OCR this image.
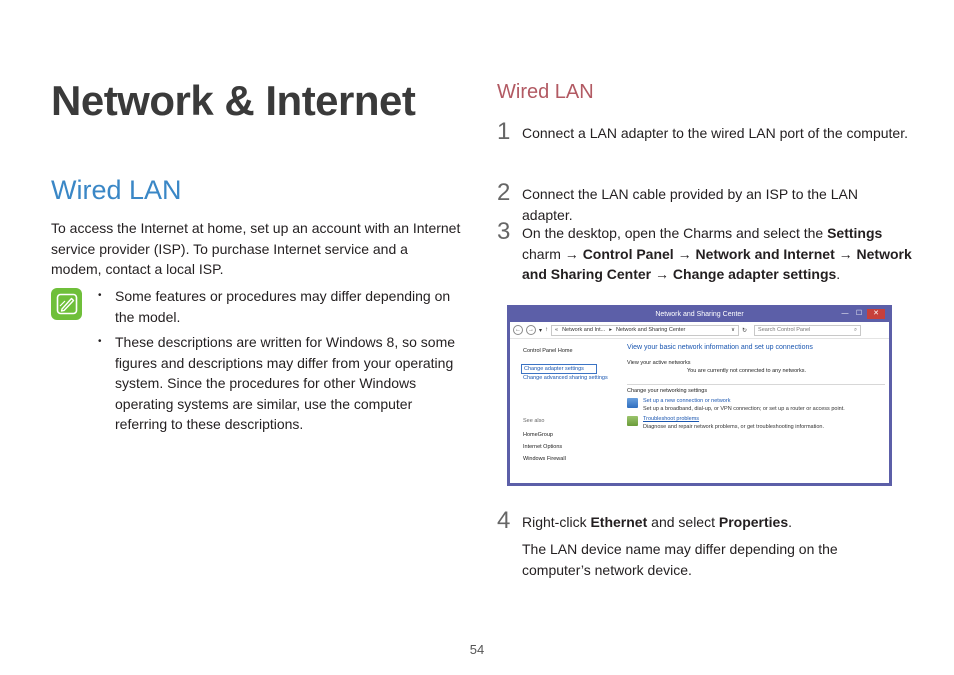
Network & Internet
Wired LAN

To access the Internet at home, set up an account with an Internet service provider (ISP). To purchase Internet service and a modem, contact a local ISP.

• Some features or procedures may differ depending on the model.
• These descriptions are written for Windows 8, so some figures and descriptions may differ from your operating system. Since the procedures for other Windows operating systems are similar, use the computer referring to these descriptions.
Wired LAN
1 Connect a LAN adapter to the wired LAN port of the computer.

2 Connect the LAN cable provided by an ISP to the LAN adapter.

3 On the desktop, open the Charms and select the Settings charm → Control Panel → Network and Internet → Network and Sharing Center → Change adapter settings.

Network and Sharing Center	—	☐	✕
←	→ ▾ ↑ « Network and Int... ▸ Network and Sharing Center	∨ ↻ Search Control Panel	⌕
Control Panel Home
Change adapter settings
Change advanced sharing settings
See also
HomeGroup
Internet Options
Windows Firewall
View your basic network information and set up connections
View your active networks
You are currently not connected to any networks.
Change your networking settings
Set up a new connection or network
Set up a broadband, dial-up, or VPN connection; or set up a router or access point.
Troubleshoot problems
Diagnose and repair network problems, or get troubleshooting information.
4 Right-click Ethernet and select Properties.

The LAN device name may differ depending on the computer’s network device.

54
